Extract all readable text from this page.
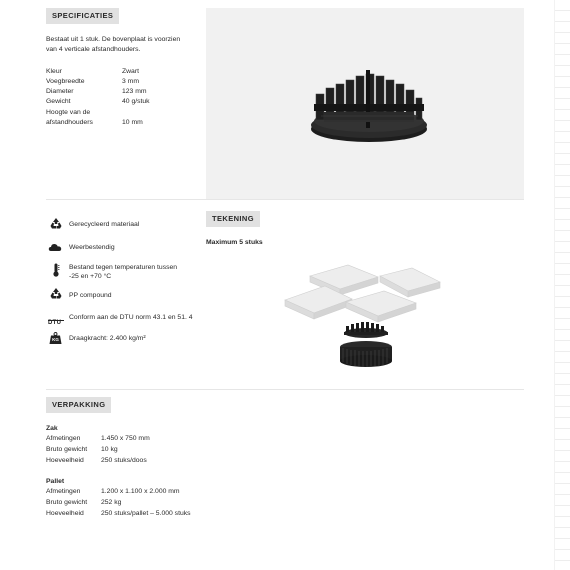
SPECIFICATIES
Bestaat uit 1 stuk. De bovenplaat is voorzien
van 4 verticale afstandhouders.
Kleur	Zwart
Voegbreedte	3 mm
Diameter	123 mm
Gewicht	40 g/stuk
Hoogte van de afstandhouders	10 mm
Gerecycleerd materiaal
Weerbestendig
Bestand tegen temperaturen tussen
-25 en +70 °C
PP compound
DTU
Conform aan de DTU norm 43.1 en 51. 4
KG	Draagkracht: 2.400 kg/m²
TEKENING
Maximum 5 stuks
VERPAKKING
Zak
Afmetingen	1.450 x 750 mm
Bruto gewicht 10 kg
Hoeveelheid	250 stuks/doos
Pallet
Afmetingen	1.200 x 1.100 x 2.000 mm
Bruto gewicht 252 kg
Hoeveelheid	250 stuks/pallet – 5.000 stuks
